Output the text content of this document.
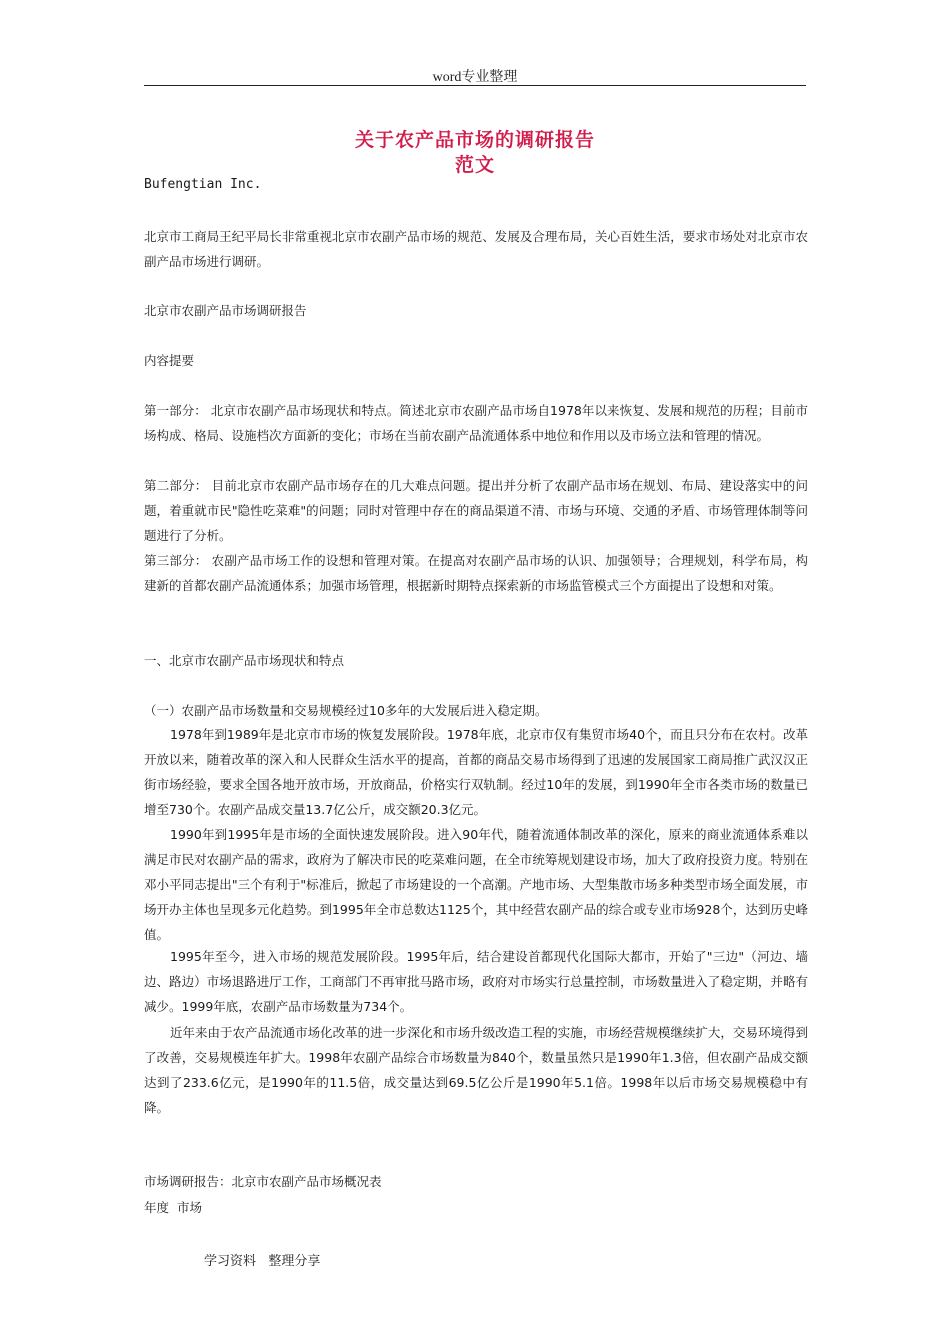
word专业整理
关于农产品市场的调研报告
范文
Bufengtian Inc.

北京市工商局王纪平局长非常重视北京市农副产品市场的规范、发展及合理布局，关心百姓生活，要求市场处对北京市农副产品市场进行调研。

北京市农副产品市场调研报告

内容提要

第一部分： 北京市农副产品市场现状和特点。简述北京市农副产品市场自1978年以来恢复、发展和规范的历程；目前市场构成、格局、设施档次方面新的变化；市场在当前农副产品流通体系中地位和作用以及市场立法和管理的情况。

第二部分： 目前北京市农副产品市场存在的几大难点问题。提出并分析了农副产品市场在规划、布局、建设落实中的问题，着重就市民"隐性吃菜难"的问题；同时对管理中存在的商品渠道不清、市场与环境、交通的矛盾、市场管理体制等问题进行了分析。

第三部分： 农副产品市场工作的设想和管理对策。在提高对农副产品市场的认识、加强领导；合理规划，科学布局，构建新的首都农副产品流通体系；加强市场管理，根据新时期特点探索新的市场监管模式三个方面提出了设想和对策。

一、北京市农副产品市场现状和特点

（一）农副产品市场数量和交易规模经过10多年的大发展后进入稳定期。

1978年到1989年是北京市市场的恢复发展阶段。1978年底，北京市仅有集贸市场40个，而且只分布在农村。改革开放以来，随着改革的深入和人民群众生活水平的提高，首都的商品交易市场得到了迅速的发展国家工商局推广武汉汉正街市场经验，要求全国各地开放市场，开放商品，价格实行双轨制。经过10年的发展，到1990年全市各类市场的数量已增至730个。农副产品成交量13.7亿公斤，成交额20.3亿元。

1990年到1995年是市场的全面快速发展阶段。进入90年代，随着流通体制改革的深化，原来的商业流通体系难以满足市民对农副产品的需求，政府为了解决市民的吃菜难问题，在全市统筹规划建设市场，加大了政府投资力度。特别在邓小平同志提出"三个有利于"标准后，掀起了市场建设的一个高潮。产地市场、大型集散市场多种类型市场全面发展，市场开办主体也呈现多元化趋势。到1995年全市总数达1125个，其中经营农副产品的综合或专业市场928个，达到历史峰值。

1995年至今，进入市场的规范发展阶段。1995年后，结合建设首都现代化国际大都市，开始了"三边"（河边、墙边、路边）市场退路进厅工作，工商部门不再审批马路市场，政府对市场实行总量控制，市场数量进入了稳定期，并略有减少。1999年底，农副产品市场数量为734个。

近年来由于农产品流通市场化改革的进一步深化和市场升级改造工程的实施，市场经营规模继续扩大，交易环境得到了改善，交易规模连年扩大。1998年农副产品综合市场数量为840个，数量虽然只是1990年1.3倍，但农副产品成交额达到了233.6亿元，是1990年的11.5倍，成交量达到69.5亿公斤是1990年5.1倍。1998年以后市场交易规模稳中有降。

市场调研报告：北京市农副产品市场概况表

年度  市场

学习资料   整理分享
